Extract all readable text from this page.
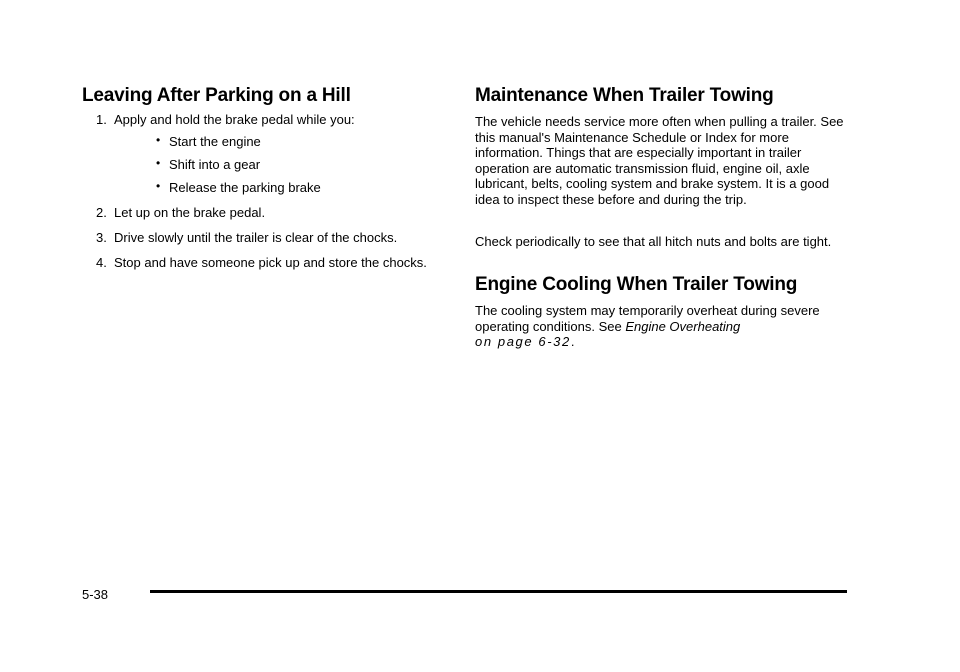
Leaving After Parking on a Hill
1. Apply and hold the brake pedal while you:
• Start the engine
• Shift into a gear
• Release the parking brake
2. Let up on the brake pedal.
3. Drive slowly until the trailer is clear of the chocks.
4. Stop and have someone pick up and store the chocks.
Maintenance When Trailer Towing

The vehicle needs service more often when pulling a trailer. See this manual's Maintenance Schedule or Index for more information. Things that are especially important in trailer operation are automatic transmission fluid, engine oil, axle lubricant, belts, cooling system and brake system. It is a good idea to inspect these before and during the trip.

Check periodically to see that all hitch nuts and bolts are tight.

Engine Cooling When Trailer Towing

The cooling system may temporarily overheat during severe operating conditions. See Engine Overheating
on page 6-32.

5-38
